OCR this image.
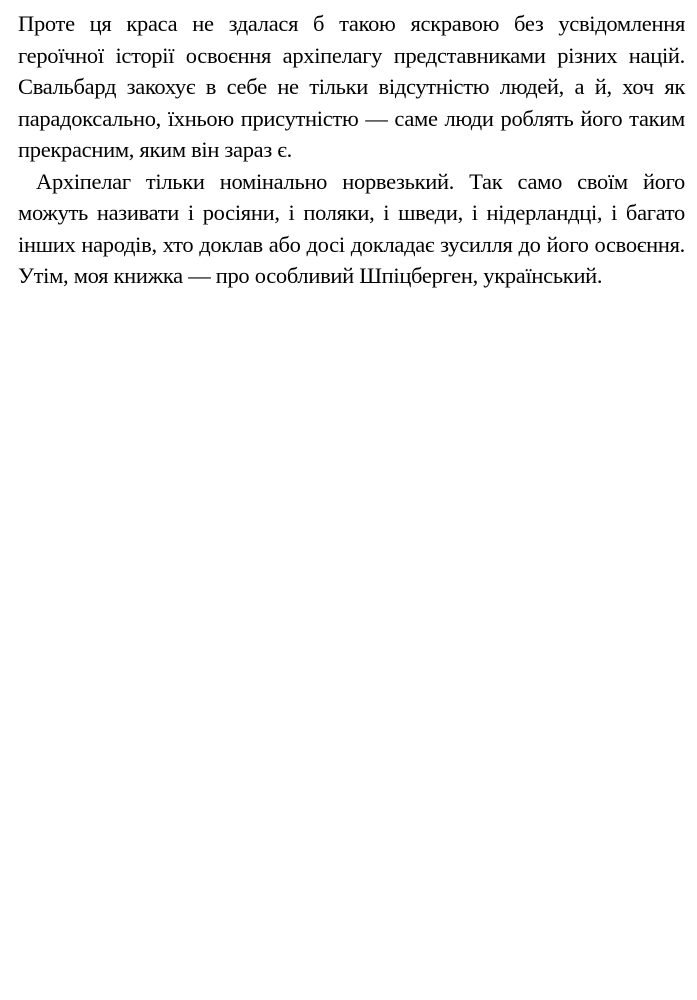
Проте ця краса не здалася б такою яскравою без усвідомлення героїчної історії освоєння архіпелагу представниками різних націй. Свальбард закохує в себе не тільки відсутністю людей, а й, хоч як парадоксально, їхньою присутністю — саме люди роблять його таким прекрасним, яким він зараз є.

Архіпелаг тільки номінально норвезький. Так само своїм його можуть називати і росіяни, і поляки, і шведи, і нідерландці, і багато інших народів, хто доклав або досі докладає зусилля до його освоєння. Утім, моя книжка — про особливий Шпіцберген, український.
